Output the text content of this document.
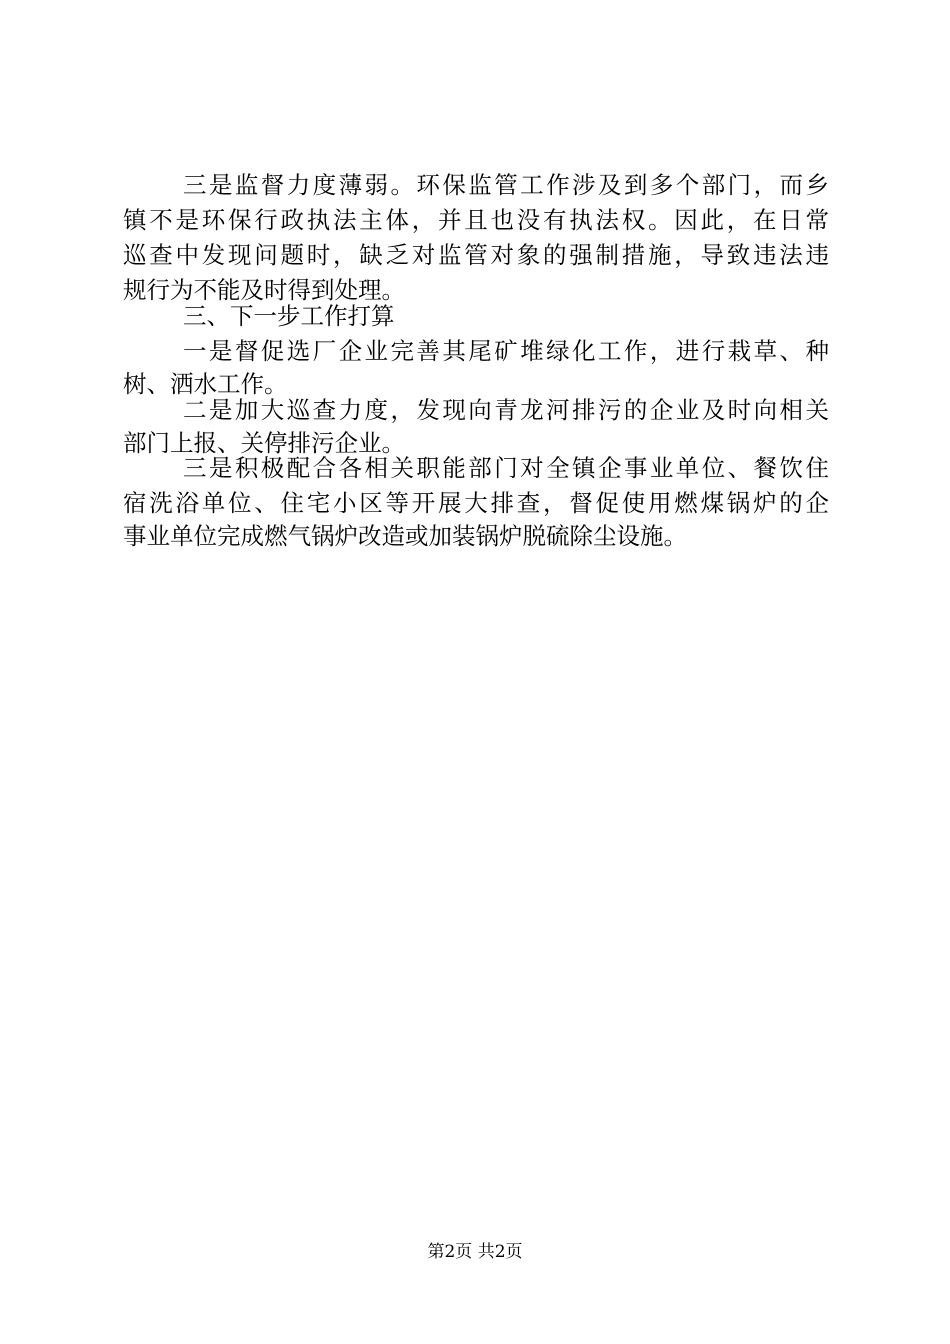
三是监督力度薄弱。环保监管工作涉及到多个部门，而乡
镇不是环保行政执法主体，并且也没有执法权。因此，在日常
巡查中发现问题时，缺乏对监管对象的强制措施，导致违法违
规行为不能及时得到处理。
三、下一步工作打算
一是督促选厂企业完善其尾矿堆绿化工作，进行栽草、种
树、洒水工作。
二是加大巡查力度，发现向青龙河排污的企业及时向相关
部门上报、关停排污企业。
三是积极配合各相关职能部门对全镇企事业单位、餐饮住
宿洗浴单位、住宅小区等开展大排查，督促使用燃煤锅炉的企
事业单位完成燃气锅炉改造或加装锅炉脱硫除尘设施。
第2页 共2页
